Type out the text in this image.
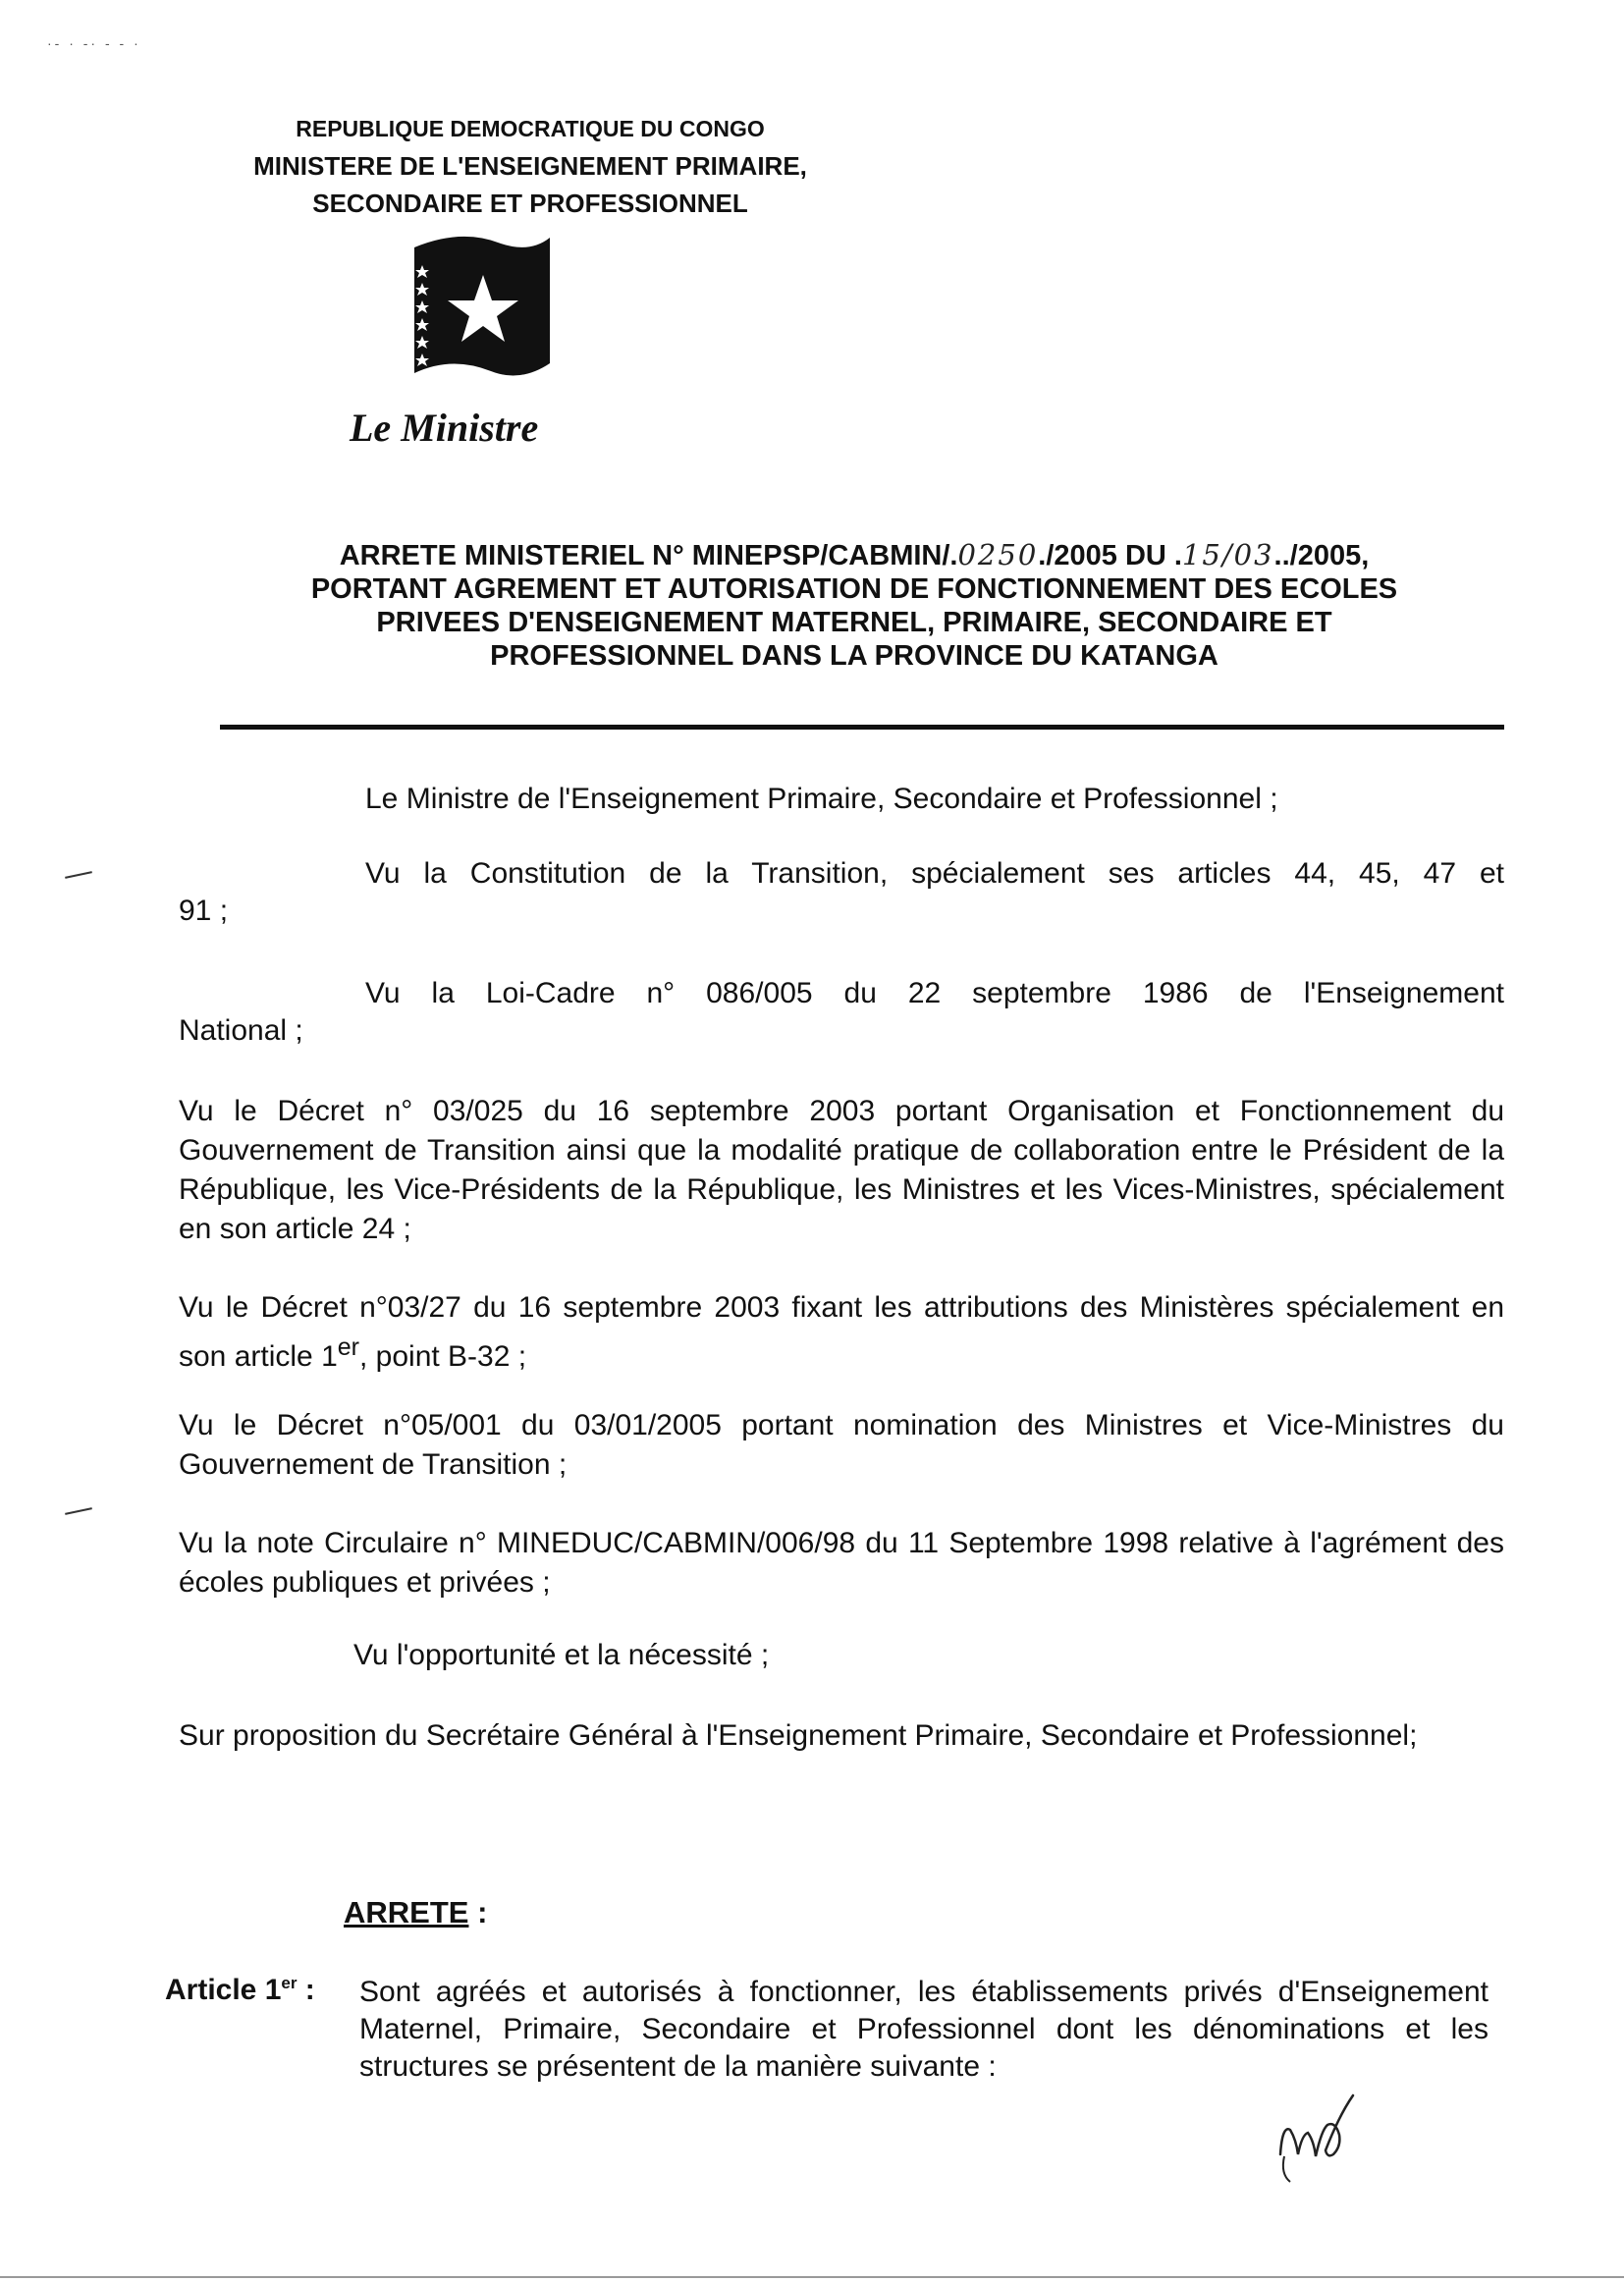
·- · -· - - ·
REPUBLIQUE DEMOCRATIQUE DU CONGO
MINISTERE DE L'ENSEIGNEMENT PRIMAIRE,
SECONDAIRE ET PROFESSIONNEL
Le Ministre
ARRETE MINISTERIEL N° MINEPSP/CABMIN/.0250./2005 DU .15/03../2005,
PORTANT AGREMENT ET AUTORISATION DE FONCTIONNEMENT DES ECOLES
PRIVEES D'ENSEIGNEMENT MATERNEL, PRIMAIRE, SECONDAIRE ET
PROFESSIONNEL DANS LA PROVINCE DU KATANGA
Le Ministre de l'Enseignement Primaire, Secondaire et Professionnel ;
Vu la Constitution de la Transition, spécialement ses articles 44, 45, 47 et
91 ;
Vu la Loi-Cadre n° 086/005 du 22 septembre 1986 de l'Enseignement
National ;
Vu le Décret n° 03/025 du 16 septembre 2003 portant Organisation et Fonctionnement du Gouvernement de Transition ainsi que la modalité pratique de collaboration entre le Président de la République, les Vice-Présidents de la République, les Ministres et les Vices-Ministres, spécialement en son article 24 ;
Vu le Décret n°03/27 du 16 septembre 2003 fixant les attributions des Ministères spécialement en son article 1er, point B-32 ;
Vu le Décret n°05/001 du 03/01/2005 portant nomination des Ministres et Vice-Ministres du Gouvernement de Transition ;
Vu la note Circulaire n° MINEDUC/CABMIN/006/98 du 11 Septembre 1998 relative à l'agrément des écoles publiques et privées ;
Vu l'opportunité et la nécessité ;
Sur proposition du Secrétaire Général à l'Enseignement Primaire, Secondaire et Professionnel;
ARRETE :
Article 1er : Sont agréés et autorisés à fonctionner, les établissements privés d'Enseignement Maternel, Primaire, Secondaire et Professionnel dont les dénominations et les structures se présentent de la manière suivante :
